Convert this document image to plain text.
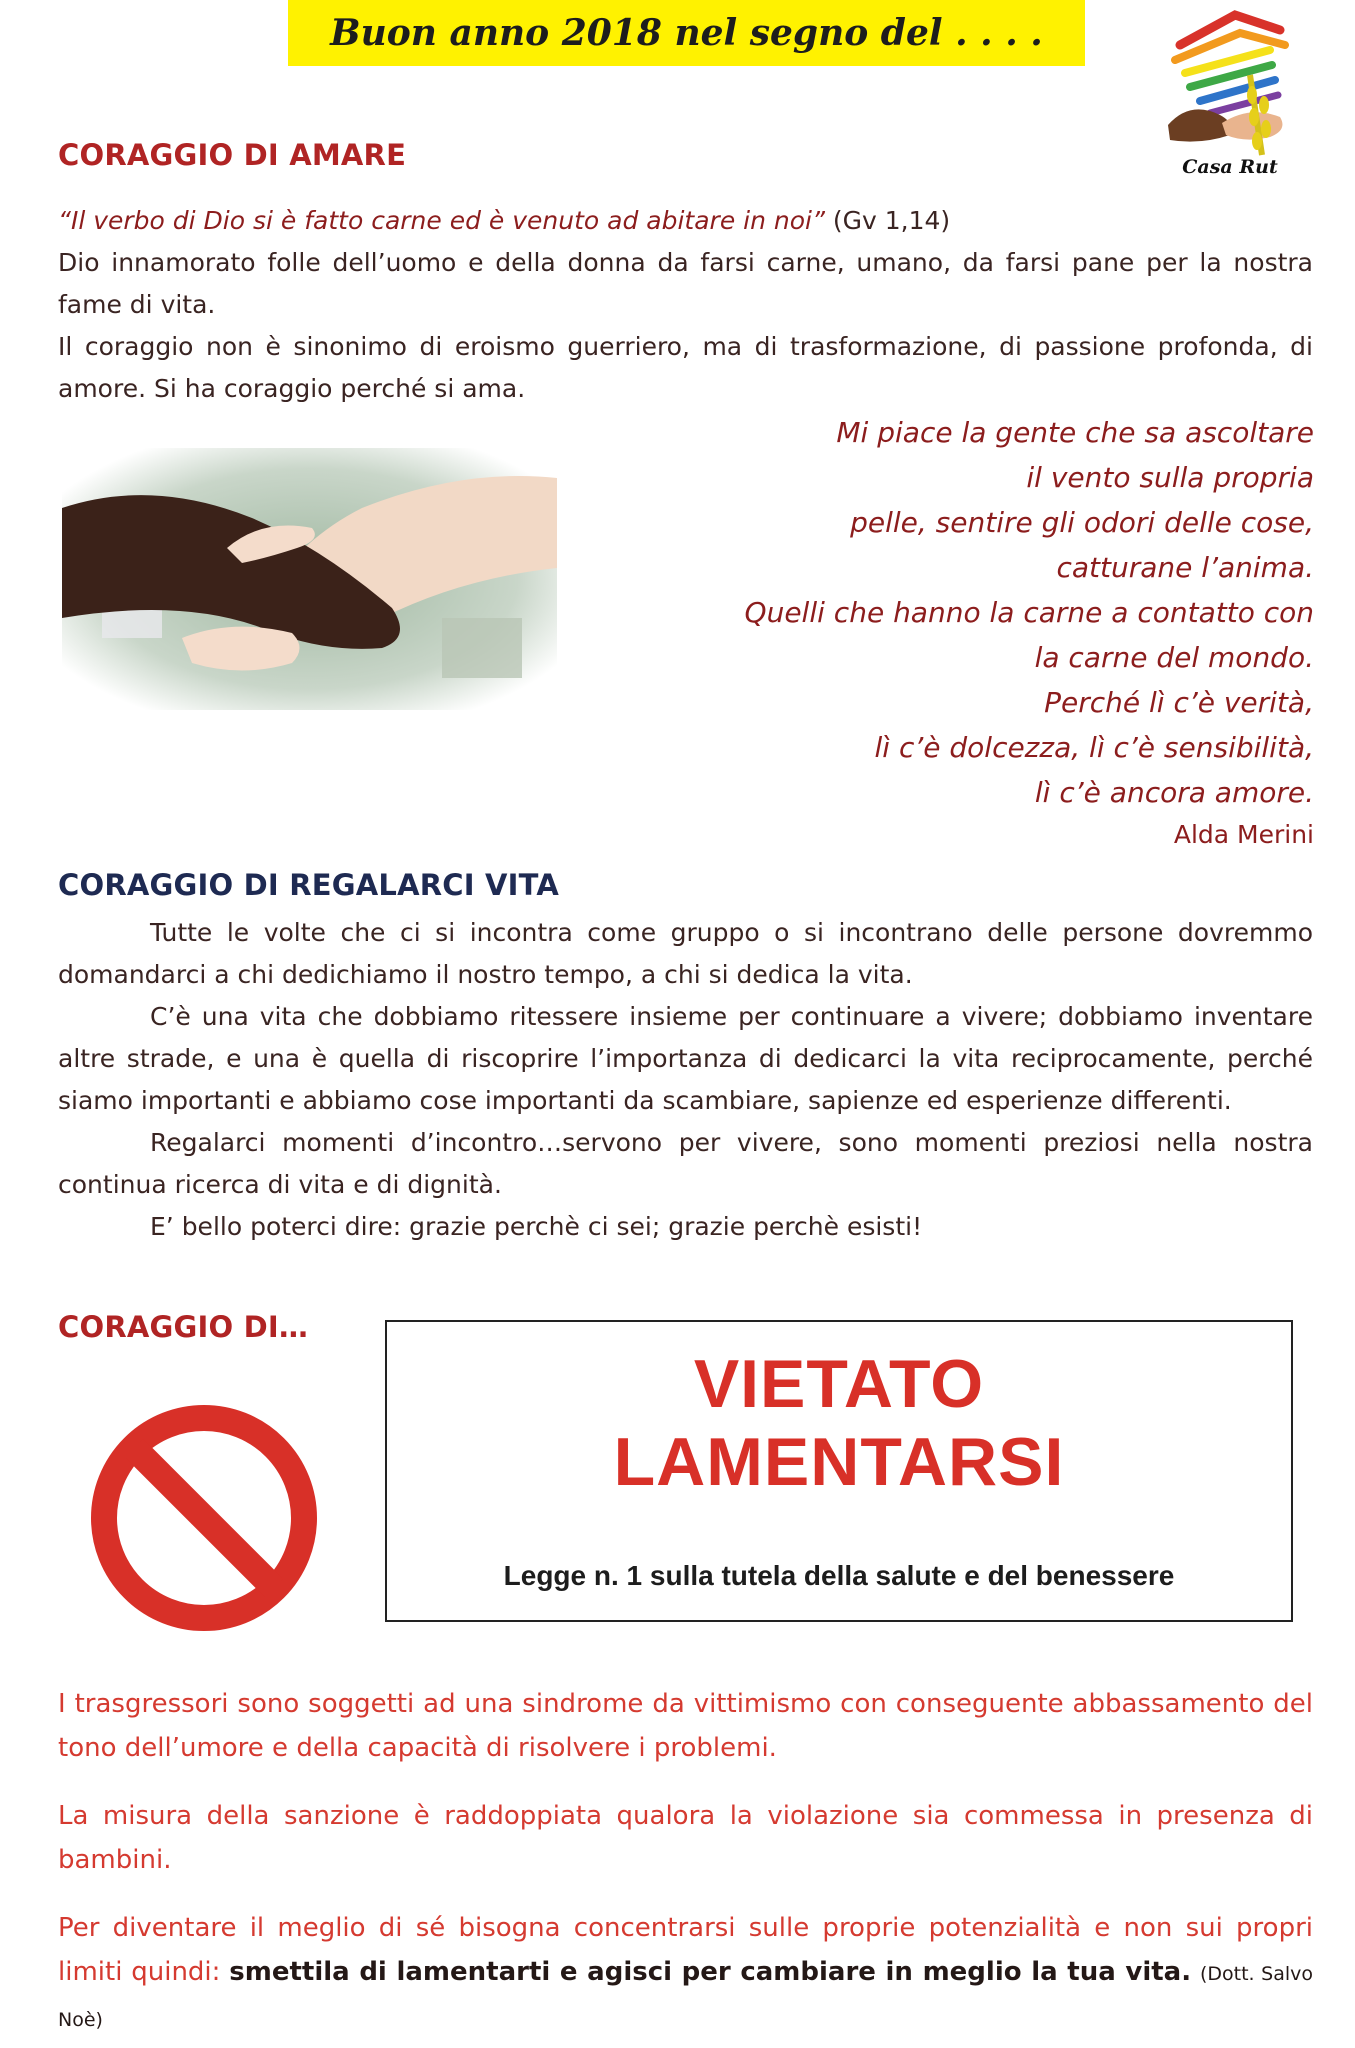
Buon anno 2018 nel segno del . . . .
Casa Rut
CORAGGIO DI AMARE
“Il verbo di Dio si è fatto carne ed è venuto ad abitare in noi” (Gv 1,14)
Dio innamorato folle dell’uomo e della donna da farsi carne, umano, da farsi pane per la nostra fame di vita.
Il coraggio non è sinonimo di eroismo guerriero, ma di trasformazione, di passione profonda, di amore. Si ha coraggio perché si ama.
Mi piace la gente che sa ascoltare
il vento sulla propria
pelle, sentire gli odori delle cose,
catturane l’anima.
Quelli che hanno la carne a contatto con
la carne del mondo.
Perché lì c’è verità,
lì c’è dolcezza, lì c’è sensibilità,
lì c’è ancora amore.
Alda Merini
CORAGGIO DI REGALARCI VITA
Tutte le volte che ci si incontra come gruppo o si incontrano delle persone dovremmo domandarci a chi dedichiamo il nostro tempo, a chi si dedica la vita.
C’è una vita che dobbiamo ritessere insieme per continuare a vivere; dobbiamo inventare altre strade, e una è quella di riscoprire l’importanza di dedicarci la vita reciprocamente, perché siamo importanti e abbiamo cose importanti da scambiare, sapienze ed esperienze differenti.
Regalarci momenti d’incontro…servono per vivere, sono momenti preziosi nella nostra continua ricerca di vita e di dignità.
E’ bello poterci dire: grazie perchè ci sei; grazie perchè esisti!
CORAGGIO DI…
VIETATO
LAMENTARSI
Legge n. 1 sulla tutela della salute e del benessere
I trasgressori sono soggetti ad una sindrome da vittimismo con conseguente abbassamento del tono dell’umore e della capacità di risolvere i problemi.
La misura della sanzione è raddoppiata qualora la violazione sia commessa in presenza di bambini.
Per diventare il meglio di sé bisogna concentrarsi sulle proprie potenzialità e non sui propri limiti quindi: smettila di lamentarti e agisci per cambiare in meglio la tua vita. (Dott. Salvo Noè)
